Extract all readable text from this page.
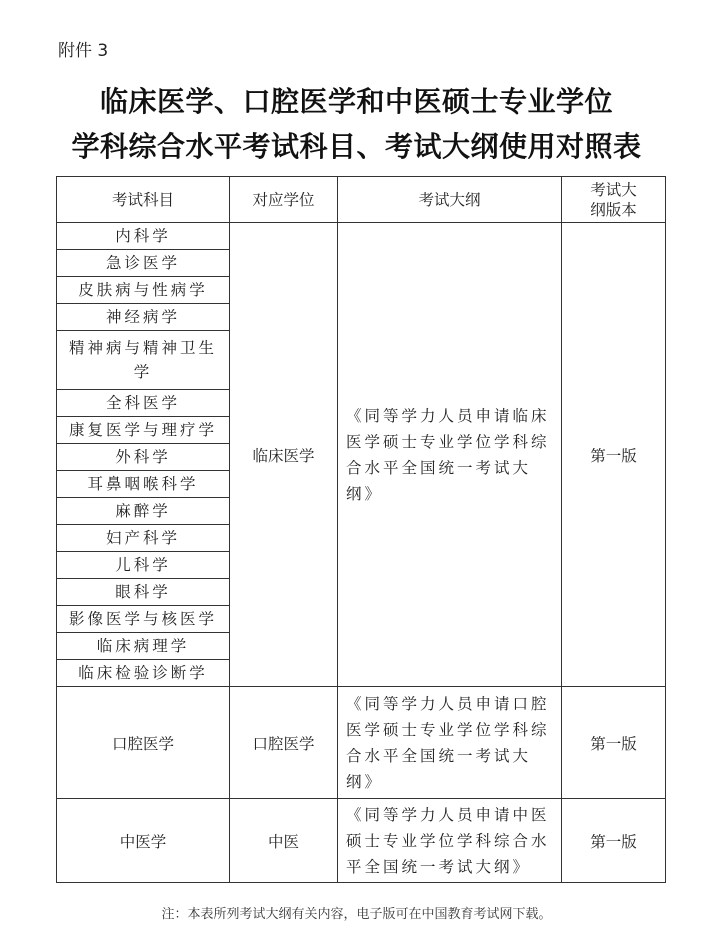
附件 3
临床医学、口腔医学和中医硕士专业学位
学科综合水平考试科目、考试大纲使用对照表
考试科目	对应学位	考试大纲	考试大纲版本
内科学	临床医学	《同等学力人员申请临床医学硕士专业学位学科综合水平全国统一考试大纲》	第一版
急诊医学			
皮肤病与性病学			
神经病学			
精神病与精神卫生学			
全科医学			
康复医学与理疗学			
外科学			
耳鼻咽喉科学			
麻醉学			
妇产科学			
儿科学			
眼科学			
影像医学与核医学			
临床病理学			
临床检验诊断学			
口腔医学	口腔医学	《同等学力人员申请口腔医学硕士专业学位学科综合水平全国统一考试大纲》	第一版
中医学	中医	《同等学力人员申请中医硕士专业学位学科综合水平全国统一考试大纲》	第一版
注：本表所列考试大纲有关内容，电子版可在中国教育考试网下载。
